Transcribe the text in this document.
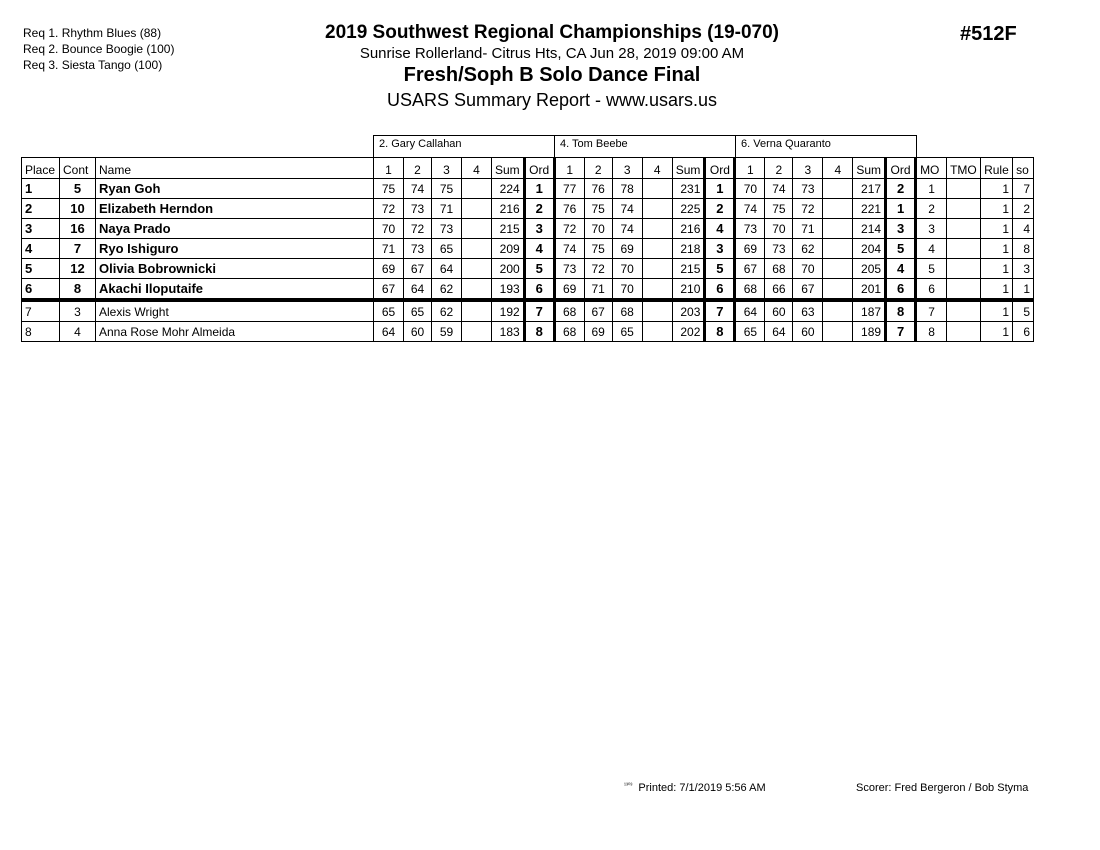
Req 1. Rhythm Blues (88)
Req 2. Bounce Boogie (100)
Req 3. Siesta Tango (100)
2019 Southwest Regional Championships (19-070)
Sunrise Rollerland- Citrus Hts, CA Jun 28, 2019 09:00 AM
Fresh/Soph B Solo Dance Final
USARS Summary Report - www.usars.us
#512F
2. Gary Callahan	4. Tom Beebe	6. Verna Quaranto
Place	Cont	Name	1	2	3	4	Sum	Ord	1	2	3	4	Sum	Ord	1	2	3	4	Sum	Ord	MO	TMO	Rule	so
1	5	Ryan Goh	75	74	75		224	1	77	76	78		231	1	70	74	73		217	2	1		1	7
2	10	Elizabeth Herndon	72	73	71		216	2	76	75	74		225	2	74	75	72		221	1	2		1	2
3	16	Naya Prado	70	72	73		215	3	72	70	74		216	4	73	70	71		214	3	3		1	4
4	7	Ryo Ishiguro	71	73	65		209	4	74	75	69		218	3	69	73	62		204	5	4		1	8
5	12	Olivia Bobrownicki	69	67	64		200	5	73	72	70		215	5	67	68	70		205	4	5		1	3
6	8	Akachi Iloputaife	67	64	62		193	6	69	71	70		210	6	68	66	67		201	6	6		1	1
7	3	Alexis Wright	65	65	62		192	7	68	67	68		203	7	64	60	63		187	8	7		1	5
8	4	Anna Rose Mohr Almeida	64	60	59		183	8	68	69	65		202	8	65	64	60		189	7	8		1	6
$^{^{1303}}$ Printed: 7/1/2019 5:56 AM	Scorer: Fred Bergeron / Bob Styma
